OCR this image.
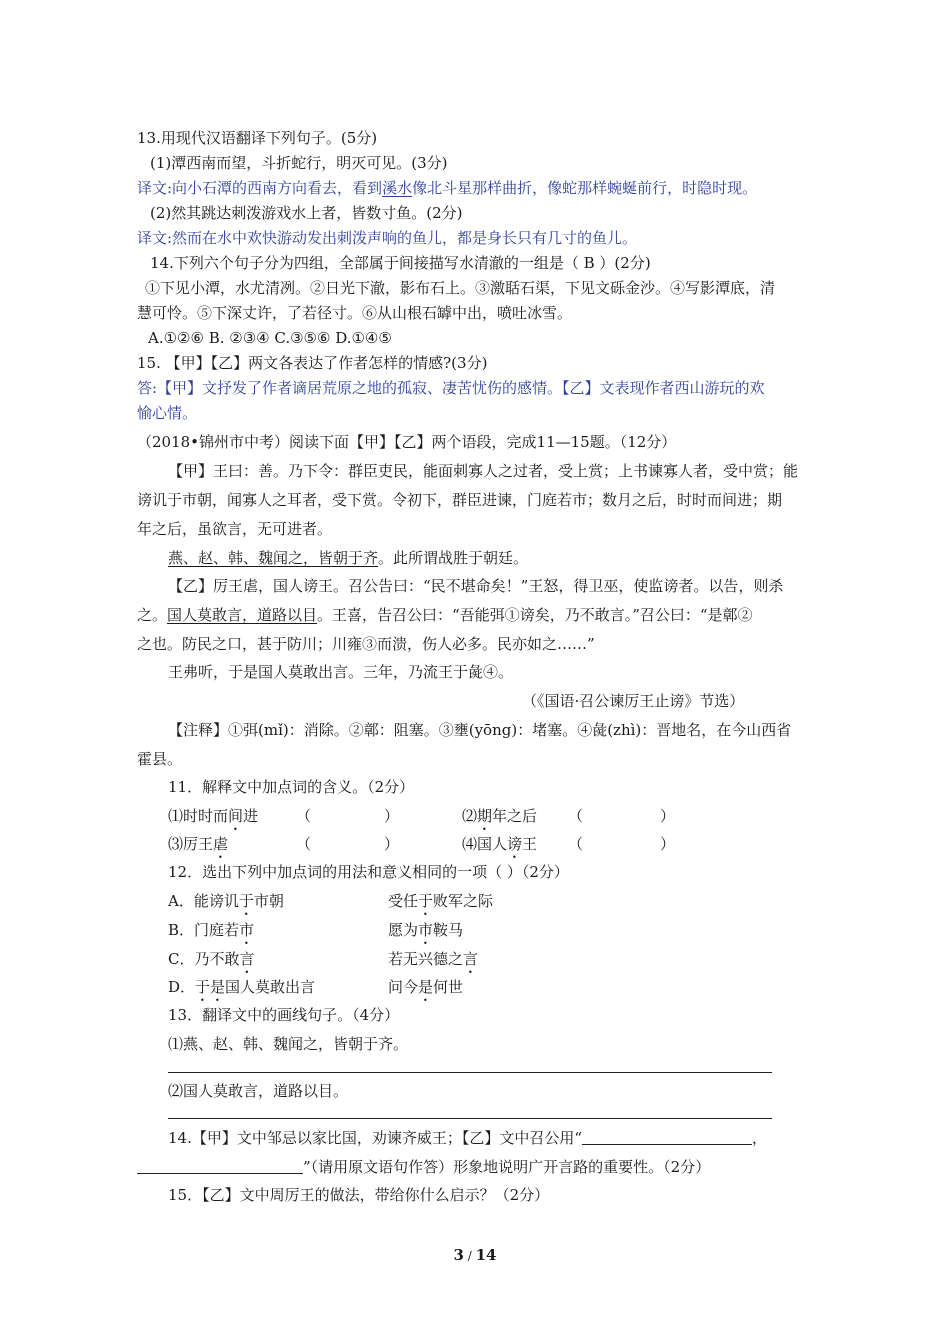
13.用现代汉语翻译下列句子。(5分)
(1)潭西南而望，斗折蛇行，明灭可见。(3分)
译文:向小石潭的西南方向看去，看到溪水像北斗星那样曲折，像蛇那样蜿蜒前行，时隐时现。
(2)然其跳达刺泼游戏水上者，皆数寸鱼。(2分)
译文:然而在水中欢快游动发出刺泼声响的鱼儿，都是身长只有几寸的鱼儿。
14.下列六个句子分为四组，全部属于间接描写水清澈的一组是（ B ）(2分)
①下见小潭，水尤清冽。②日光下澈，影布石上。③激聒石渠，下见文砾金沙。④写影潭底，清
慧可怜。⑤下深丈许，了若径寸。⑥从山根石罅中出，喷吐冰雪。
A.①②⑥ B. ②③④ C.③⑤⑥ D.①④⑤
15. 【甲】【乙】两文各表达了作者怎样的情感?(3分)
答:【甲】文抒发了作者谪居荒原之地的孤寂、凄苦忧伤的感情。【乙】文表现作者西山游玩的欢
愉心情。
（2018•锦州市中考）阅读下面【甲】【乙】两个语段，完成11—15题。（12分）
【甲】王曰：善。乃下令：群臣吏民，能面刺寡人之过者，受上赏；上书谏寡人者，受中赏；能
谤讥于市朝，闻寡人之耳者，受下赏。令初下，群臣进谏，门庭若市；数月之后，时时而间进；期
年之后，虽欲言，无可进者。
燕、赵、韩、魏闻之，皆朝于齐。此所谓战胜于朝廷。
【乙】厉王虐，国人谤王。召公告曰：“民不堪命矣！”王怒，得卫巫，使监谤者。以告，则杀
之。国人莫敢言，道路以目。王喜，告召公曰：“吾能弭①谤矣，乃不敢言。”召公曰：“是鄣②
之也。防民之口，甚于防川；川雍③而溃，伤人必多。民亦如之……”
王弗听，于是国人莫敢出言。三年，乃流王于彘④。
（《国语·召公谏厉王止谤》节选）
【注释】①弭(mǐ)：消除。②鄣：阻塞。③壅(yōng)：堵塞。④彘(zhì)：晋地名，在今山西省
霍县。
11．解释文中加点词的含义。（2分）
⑴时时而间进	（	）	⑵期年之后 （	）
⑶厉王虐	（	）	⑷国人谤王 （	）
12．选出下列中加点词的用法和意义相同的一项（ ）（2分）
A．能谤讥于市朝	受任于败军之际
B．门庭若市	愿为市鞍马
C．乃不敢言	若无兴德之言
D．于是国人莫敢出言	问今是何世
13．翻译文中的画线句子。（4分）
⑴燕、赵、韩、魏闻之，皆朝于齐。
⑵国人莫敢言，道路以目。
14.【甲】文中邹忌以家比国，劝谏齐威王；【乙】文中召公用“	，
”（请用原文语句作答）形象地说明广开言路的重要性。（2分）
15．【乙】文中周厉王的做法，带给你什么启示？（2分）
3 / 14
